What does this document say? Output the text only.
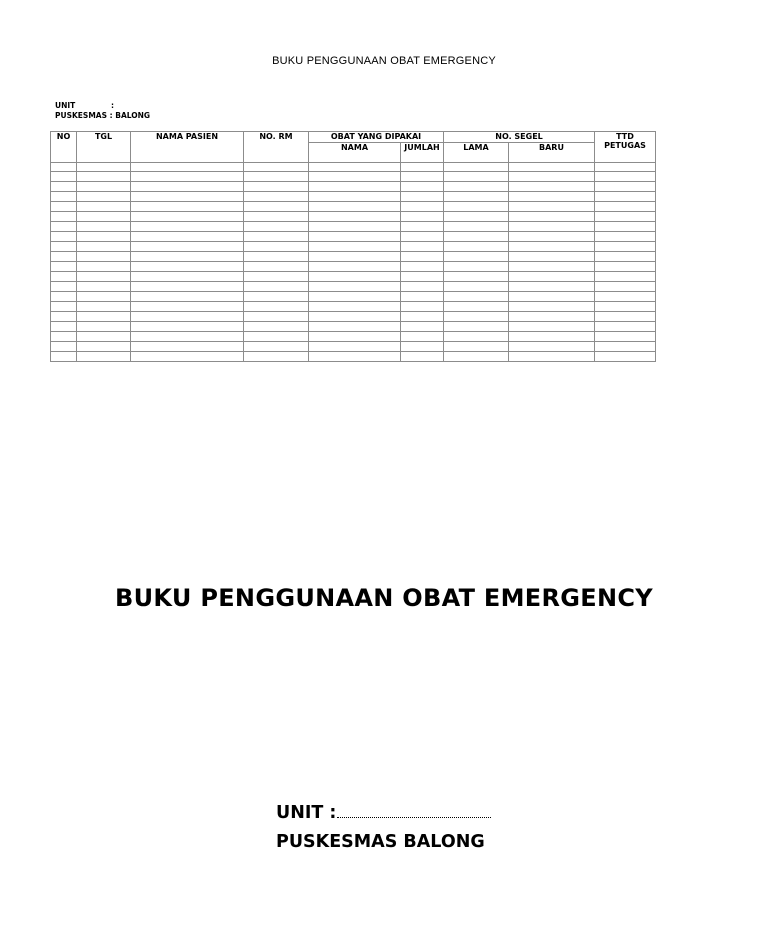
BUKU PENGGUNAAN OBAT EMERGENCY
UNIT	:
PUSKESMAS : BALONG
NO	TGL	NAMA PASIEN	NO. RM	OBAT YANG DIPAKAI		NO. SEGEL		TTD PETUGAS
				NAMA	JUMLAH	LAMA	BARU	

BUKU PENGGUNAAN OBAT EMERGENCY
UNIT :
PUSKESMAS BALONG
